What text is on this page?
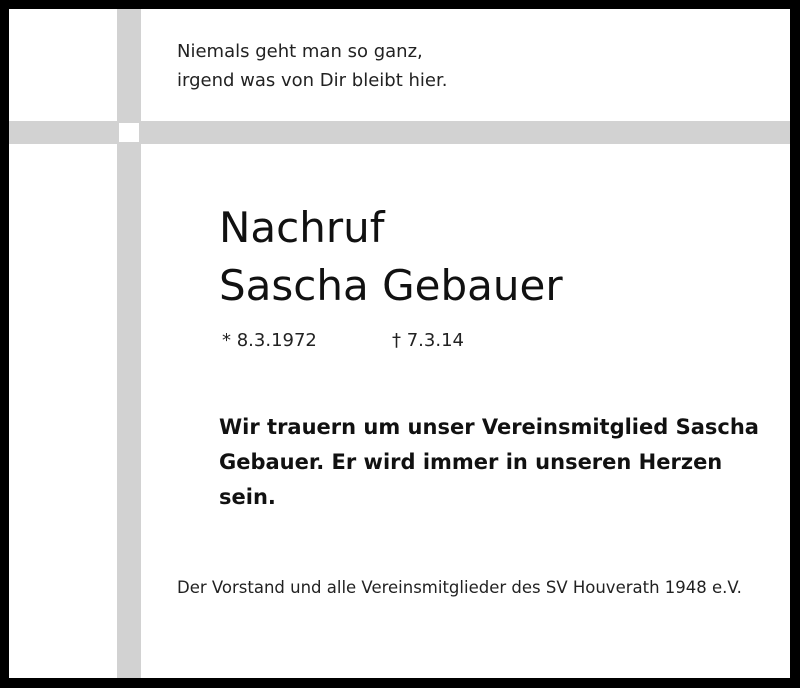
Niemals geht man so ganz,
irgend was von Dir bleibt hier.
Nachruf
Sascha Gebauer
* 8.3.1972	† 7.3.14
Wir trauern um unser Vereinsmitglied Sascha
Gebauer. Er wird immer in unseren Herzen
sein.
Der Vorstand und alle Vereinsmitglieder des SV Houverath 1948 e.V.
